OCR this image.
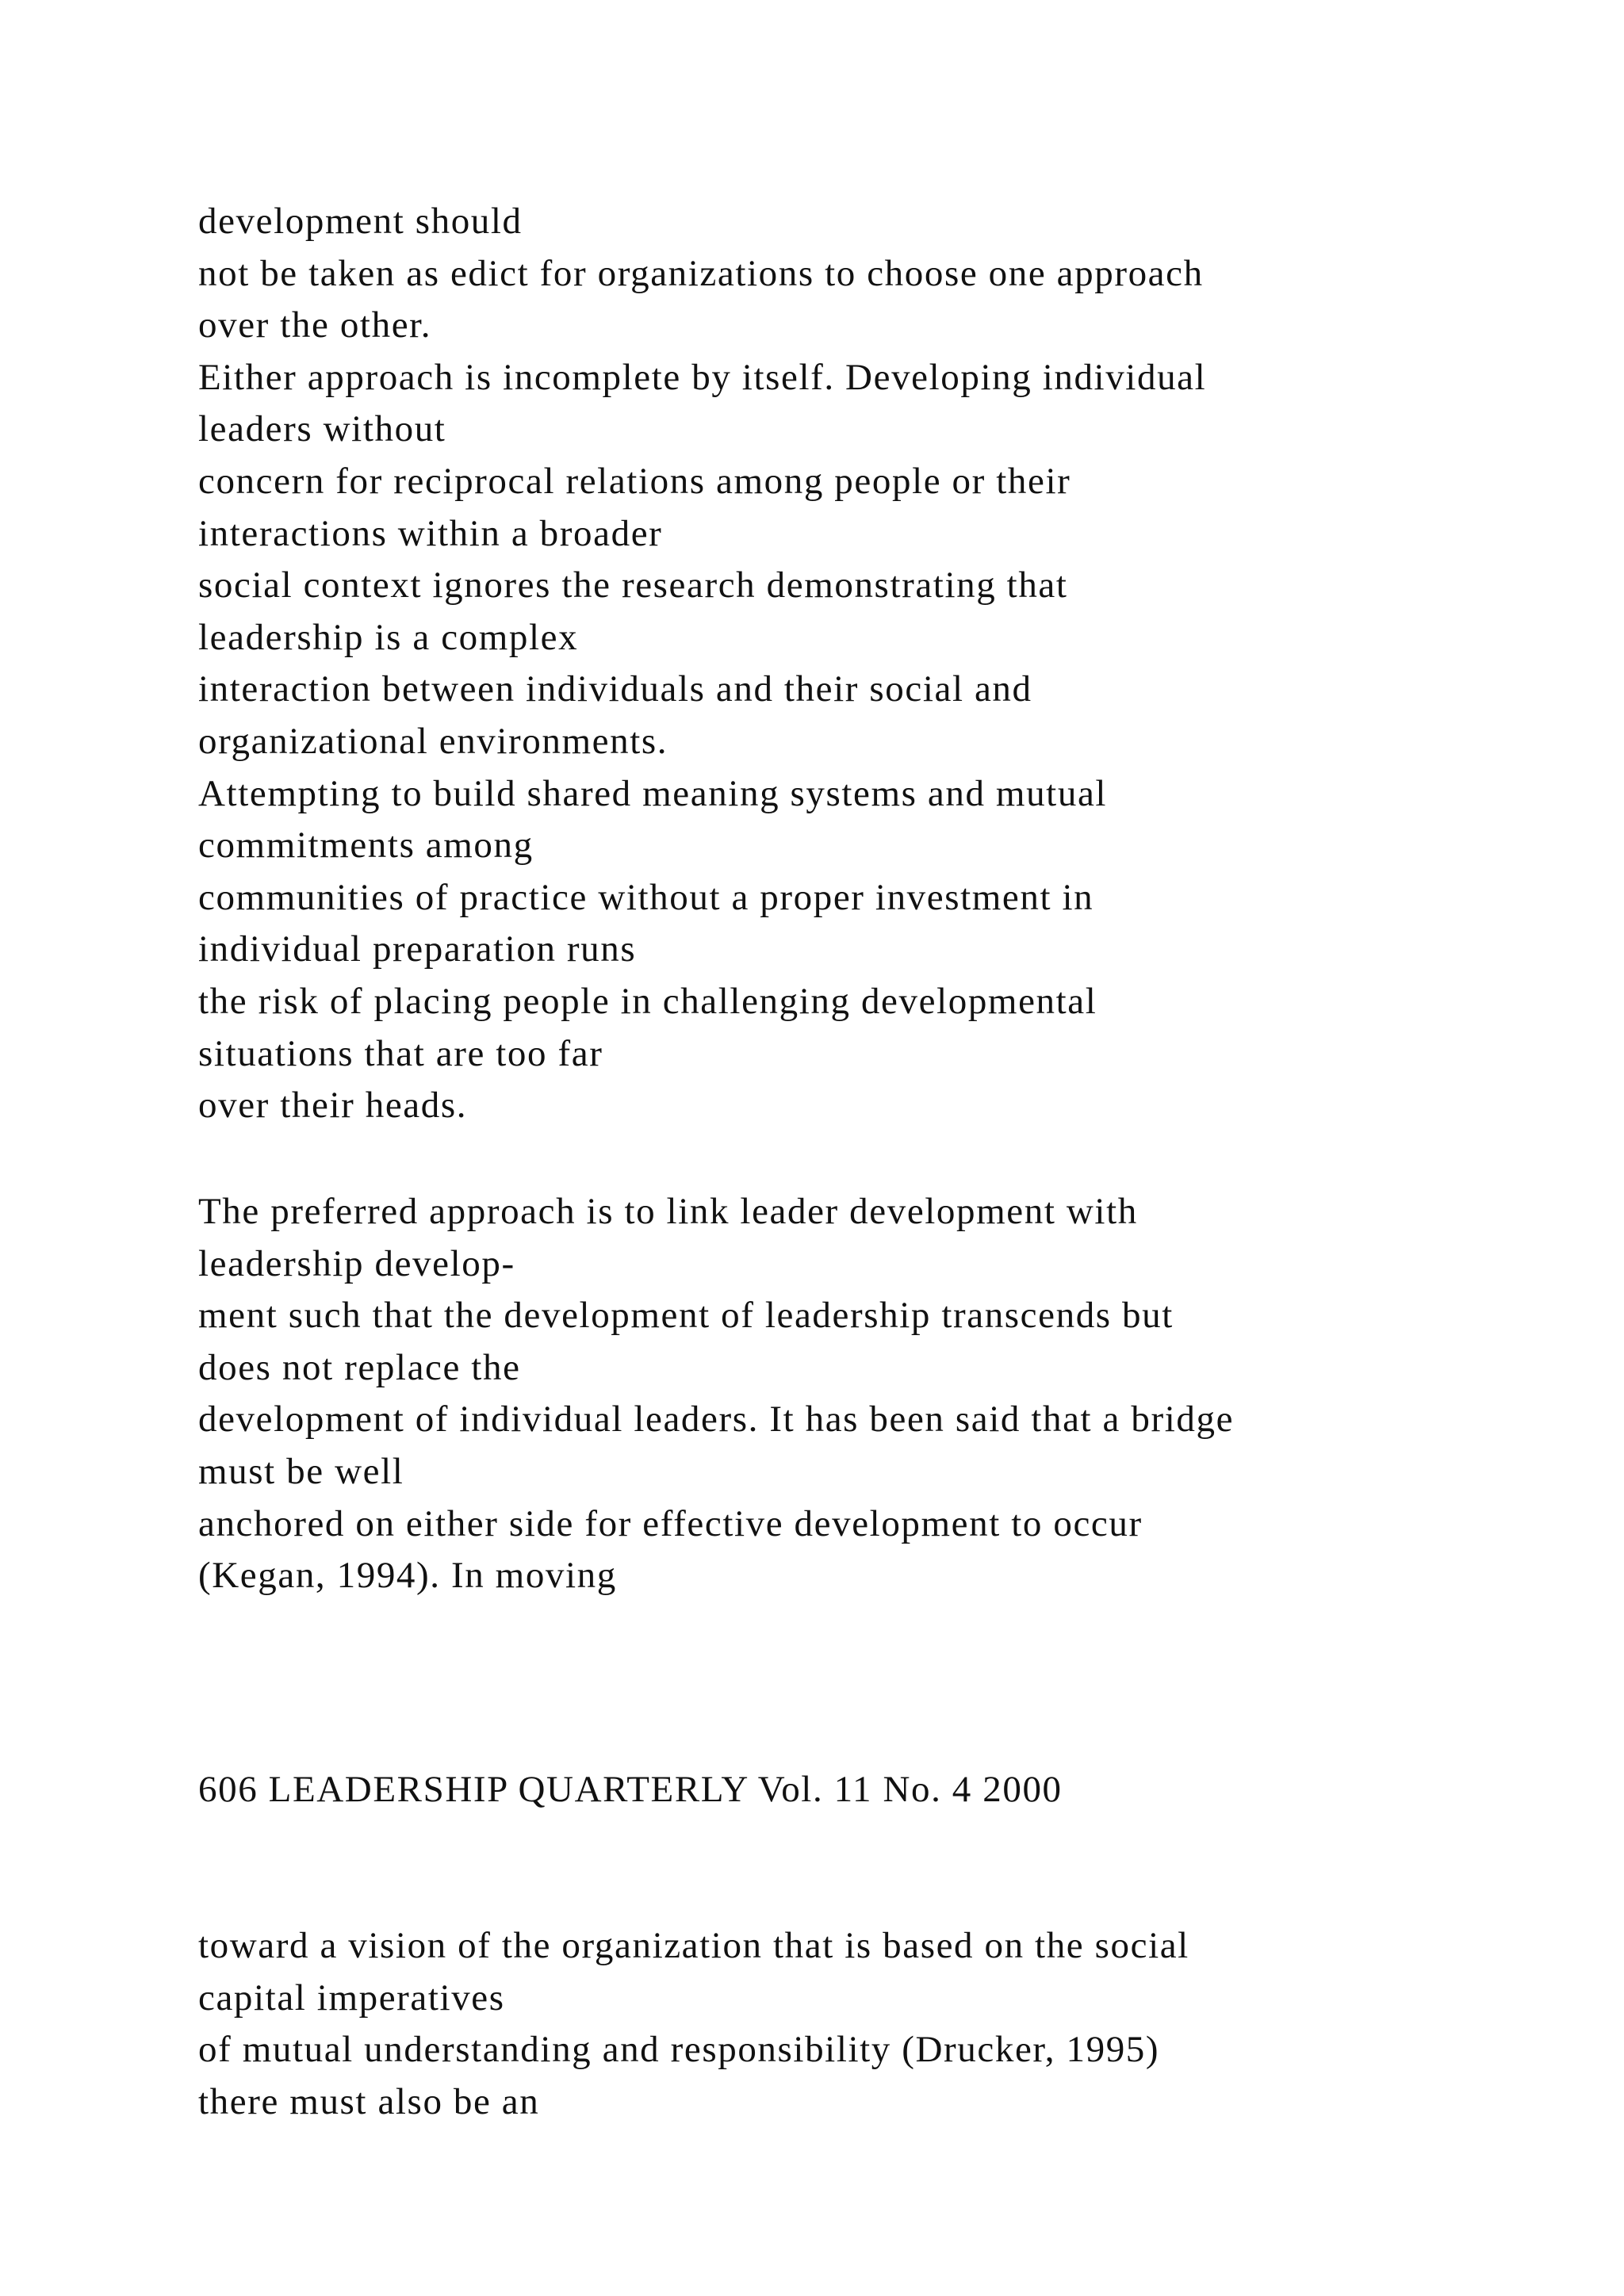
development should
not be taken as edict for organizations to choose one approach
over the other.
Either approach is incomplete by itself. Developing individual
leaders without
concern for reciprocal relations among people or their
interactions within a broader
social context ignores the research demonstrating that
leadership is a complex
interaction between individuals and their social and
organizational environments.
Attempting to build shared meaning systems and mutual
commitments among
communities of practice without a proper investment in
individual preparation runs
the risk of placing people in challenging developmental
situations that are too far
over their heads.
The preferred approach is to link leader development with
leadership develop-
ment such that the development of leadership transcends but
does not replace the
development of individual leaders. It has been said that a bridge
must be well
anchored on either side for effective development to occur
(Kegan, 1994). In moving
606 LEADERSHIP QUARTERLY Vol. 11 No. 4 2000
toward a vision of the organization that is based on the social
capital imperatives
of mutual understanding and responsibility (Drucker, 1995)
there must also be an
